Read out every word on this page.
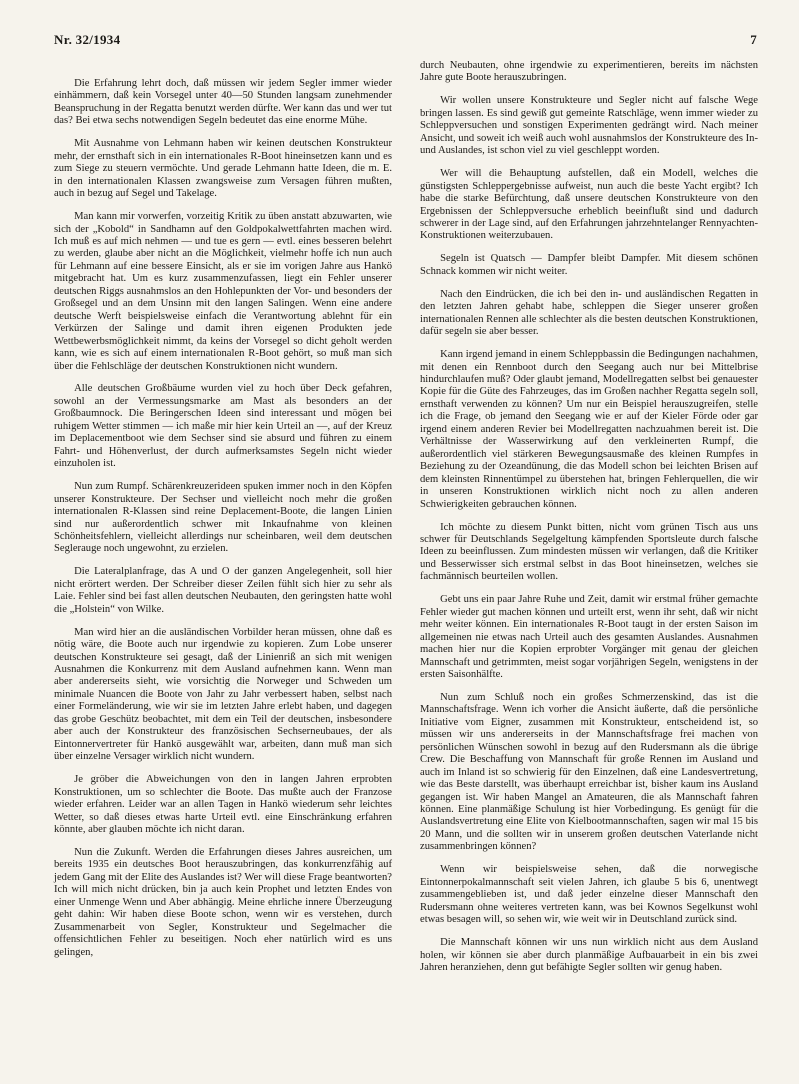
Nr. 32/1934	7

Die Erfahrung lehrt doch, daß müssen wir jedem Segler immer wieder einhämmern, daß kein Vorsegel unter 40—50 Stunden langsam zunehmender Beanspruchung in der Regatta benutzt werden dürfte. Wer kann das und wer tut das? Bei etwa sechs notwendigen Segeln bedeutet das eine enorme Mühe.

Mit Ausnahme von Lehmann haben wir keinen deutschen Konstrukteur mehr, der ernsthaft sich in ein internationales R-Boot hineinsetzen kann und es zum Siege zu steuern vermöchte. Und gerade Lehmann hatte Ideen, die m. E. in den internationalen Klassen zwangsweise zum Versagen führen mußten, auch in bezug auf Segel und Takelage.

Man kann mir vorwerfen, vorzeitig Kritik zu üben anstatt abzuwarten, wie sich der „Kobold“ in Sandhamn auf den Goldpokalwettfahrten machen wird. Ich muß es auf mich nehmen — und tue es gern — evtl. eines besseren belehrt zu werden, glaube aber nicht an die Möglichkeit, vielmehr hoffe ich nun auch für Lehmann auf eine bessere Einsicht, als er sie im vorigen Jahre aus Hankö mitgebracht hat. Um es kurz zusammenzufassen, liegt ein Fehler unserer deutschen Riggs ausnahmslos an den Hohlepunkten der Vor- und besonders der Großsegel und an dem Unsinn mit den langen Salingen. Wenn eine andere deutsche Werft beispielsweise einfach die Verantwortung ablehnt für ein Verkürzen der Salinge und damit ihren eigenen Produkten jede Wettbewerbsmöglichkeit nimmt, da keins der Vorsegel so dicht geholt werden kann, wie es sich auf einem internationalen R-Boot gehört, so muß man sich über die Fehlschläge der deutschen Konstruktionen nicht wundern.

Alle deutschen Großbäume wurden viel zu hoch über Deck gefahren, sowohl an der Vermessungsmarke am Mast als besonders an der Großbaumnock. Die Beringerschen Ideen sind interessant und mögen bei ruhigem Wetter stimmen — ich maße mir hier kein Urteil an —, auf der Kreuz im Deplacementboot wie dem Sechser sind sie absurd und führen zu einem Fahrt- und Höhenverlust, der durch aufmerksamstes Segeln nicht wieder einzuholen ist.

Nun zum Rumpf. Schärenkreuzerideen spuken immer noch in den Köpfen unserer Konstrukteure. Der Sechser und vielleicht noch mehr die großen internationalen R-Klassen sind reine Deplacement-Boote, die langen Linien sind nur außerordentlich schwer mit Inkaufnahme von kleinen Schönheitsfehlern, vielleicht allerdings nur scheinbaren, weil dem deutschen Seglerauge noch ungewohnt, zu erzielen.

Die Lateralplanfrage, das A und O der ganzen Angelegenheit, soll hier nicht erörtert werden. Der Schreiber dieser Zeilen fühlt sich hier zu sehr als Laie. Fehler sind bei fast allen deutschen Neubauten, den geringsten hatte wohl die „Holstein“ von Wilke.

Man wird hier an die ausländischen Vorbilder heran müssen, ohne daß es nötig wäre, die Boote auch nur irgendwie zu kopieren. Zum Lobe unserer deutschen Konstrukteure sei gesagt, daß der Linienriß an sich mit wenigen Ausnahmen die Konkurrenz mit dem Ausland aufnehmen kann. Wenn man aber andererseits sieht, wie vorsichtig die Norweger und Schweden um minimale Nuancen die Boote von Jahr zu Jahr verbessert haben, selbst nach einer Formeländerung, wie wir sie im letzten Jahre erlebt haben, und dagegen das grobe Geschütz beobachtet, mit dem ein Teil der deutschen, insbesondere aber auch der Konstrukteur des französischen Sechserneubaues, der als Eintonnervertreter für Hankö ausgewählt war, arbeiten, dann muß man sich über einzelne Versager wirklich nicht wundern.

Je gröber die Abweichungen von den in langen Jahren erprobten Konstruktionen, um so schlechter die Boote. Das mußte auch der Franzose wieder erfahren. Leider war an allen Tagen in Hankö wiederum sehr leichtes Wetter, so daß dieses etwas harte Urteil evtl. eine Einschränkung erfahren könnte, aber glauben möchte ich nicht daran.

Nun die Zukunft. Werden die Erfahrungen dieses Jahres ausreichen, um bereits 1935 ein deutsches Boot herauszubringen, das konkurrenzfähig auf jedem Gang mit der Elite des Auslandes ist? Wer will diese Frage beantworten? Ich will mich nicht drücken, bin ja auch kein Prophet und letzten Endes von einer Unmenge Wenn und Aber abhängig. Meine ehrliche innere Überzeugung geht dahin: Wir haben diese Boote schon, wenn wir es verstehen, durch Zusammenarbeit von Segler, Konstrukteur und Segelmacher die offensichtlichen Fehler zu beseitigen. Noch eher natürlich wird es uns gelingen,

durch Neubauten, ohne irgendwie zu experimentieren, bereits im nächsten Jahre gute Boote herauszubringen.

Wir wollen unsere Konstrukteure und Segler nicht auf falsche Wege bringen lassen. Es sind gewiß gut gemeinte Ratschläge, wenn immer wieder zu Schleppversuchen und sonstigen Experimenten gedrängt wird. Nach meiner Ansicht, und soweit ich weiß auch wohl ausnahmslos der Konstrukteure des In- und Auslandes, ist schon viel zu viel geschleppt worden.

Wer will die Behauptung aufstellen, daß ein Modell, welches die günstigsten Schleppergebnisse aufweist, nun auch die beste Yacht ergibt? Ich habe die starke Befürchtung, daß unsere deutschen Konstrukteure von den Ergebnissen der Schleppversuche erheblich beeinflußt sind und dadurch schwerer in der Lage sind, auf den Erfahrungen jahrzehntelanger Rennyachten-Konstruktionen weiterzubauen.

Segeln ist Quatsch — Dampfer bleibt Dampfer. Mit diesem schönen Schnack kommen wir nicht weiter.

Nach den Eindrücken, die ich bei den in- und ausländischen Regatten in den letzten Jahren gehabt habe, schleppen die Sieger unserer großen internationalen Rennen alle schlechter als die besten deutschen Konstruktionen, dafür segeln sie aber besser.

Kann irgend jemand in einem Schleppbassin die Bedingungen nachahmen, mit denen ein Rennboot durch den Seegang auch nur bei Mittelbrise hindurchlaufen muß? Oder glaubt jemand, Modellregatten selbst bei genauester Kopie für die Güte des Fahrzeuges, das im Großen nachher Regatta segeln soll, ernsthaft verwenden zu können? Um nur ein Beispiel herauszugreifen, stelle ich die Frage, ob jemand den Seegang wie er auf der Kieler Förde oder gar irgend einem anderen Revier bei Modellregatten nachzuahmen bereit ist. Die Verhältnisse der Wasserwirkung auf den verkleinerten Rumpf, die außerordentlich viel stärkeren Bewegungsausmaße des kleinen Rumpfes in Beziehung zu der Ozeandünung, die das Modell schon bei leichten Brisen auf dem kleinsten Rinnentümpel zu überstehen hat, bringen Fehlerquellen, die wir in unseren Konstruktionen wirklich nicht noch zu allen anderen Schwierigkeiten gebrauchen können.

Ich möchte zu diesem Punkt bitten, nicht vom grünen Tisch aus uns schwer für Deutschlands Segelgeltung kämpfenden Sportsleute durch falsche Ideen zu beeinflussen. Zum mindesten müssen wir verlangen, daß die Kritiker und Besserwisser sich erstmal selbst in das Boot hineinsetzen, welches sie fachmännisch beurteilen wollen.

Gebt uns ein paar Jahre Ruhe und Zeit, damit wir erstmal früher gemachte Fehler wieder gut machen können und urteilt erst, wenn ihr seht, daß wir nicht mehr weiter können. Ein internationales R-Boot taugt in der ersten Saison im allgemeinen nie etwas nach Urteil auch des gesamten Auslandes. Ausnahmen machen hier nur die Kopien erprobter Vorgänger mit genau der gleichen Mannschaft und getrimmten, meist sogar vorjährigen Segeln, wenigstens in der ersten Saisonhälfte.

Nun zum Schluß noch ein großes Schmerzenskind, das ist die Mannschaftsfrage. Wenn ich vorher die Ansicht äußerte, daß die persönliche Initiative vom Eigner, zusammen mit Konstrukteur, entscheidend ist, so müssen wir uns andererseits in der Mannschaftsfrage frei machen von persönlichen Wünschen sowohl in bezug auf den Rudersmann als die übrige Crew. Die Beschaffung von Mannschaft für große Rennen im Ausland und auch im Inland ist so schwierig für den Einzelnen, daß eine Landesvertretung, wie das Beste darstellt, was überhaupt erreichbar ist, bisher kaum ins Ausland gegangen ist. Wir haben Mangel an Amateuren, die als Mannschaft fahren können. Eine planmäßige Schulung ist hier Vorbedingung. Es genügt für die Auslandsvertretung eine Elite von Kielbootmannschaften, sagen wir mal 15 bis 20 Mann, und die sollten wir in unserem großen deutschen Vaterlande nicht zusammenbringen können?

Wenn wir beispielsweise sehen, daß die norwegische Eintonnerpokalmannschaft seit vielen Jahren, ich glaube 5 bis 6, unentwegt zusammengeblieben ist, und daß jeder einzelne dieser Mannschaft den Rudersmann ohne weiteres vertreten kann, was bei Kownos Segelkunst wohl etwas besagen will, so sehen wir, wie weit wir in Deutschland zurück sind.

Die Mannschaft können wir uns nun wirklich nicht aus dem Ausland holen, wir können sie aber durch planmäßige Aufbauarbeit in ein bis zwei Jahren heranziehen, denn gut befähigte Segler sollten wir genug haben.
